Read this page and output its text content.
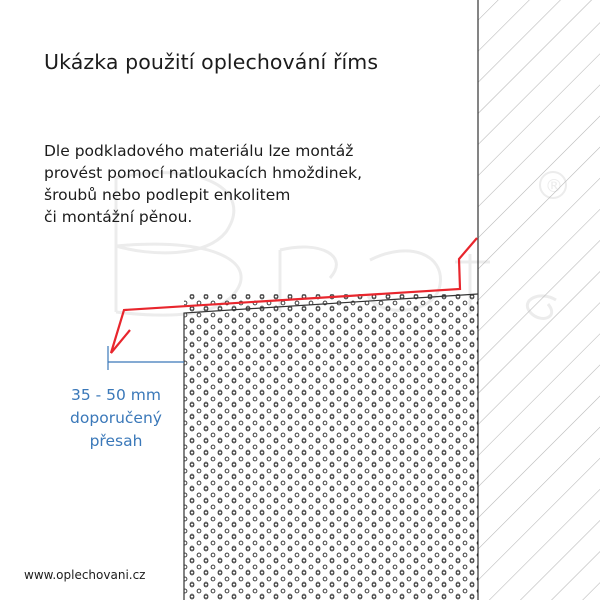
Ukázka použití oplechování říms
Dle podkladového materiálu lze montáž
provést pomocí natloukacích hmoždinek,
šroubů nebo podlepit enkolitem
či montážní pěnou.
35 - 50 mm
doporučený
přesah
www.oplechovani.cz
